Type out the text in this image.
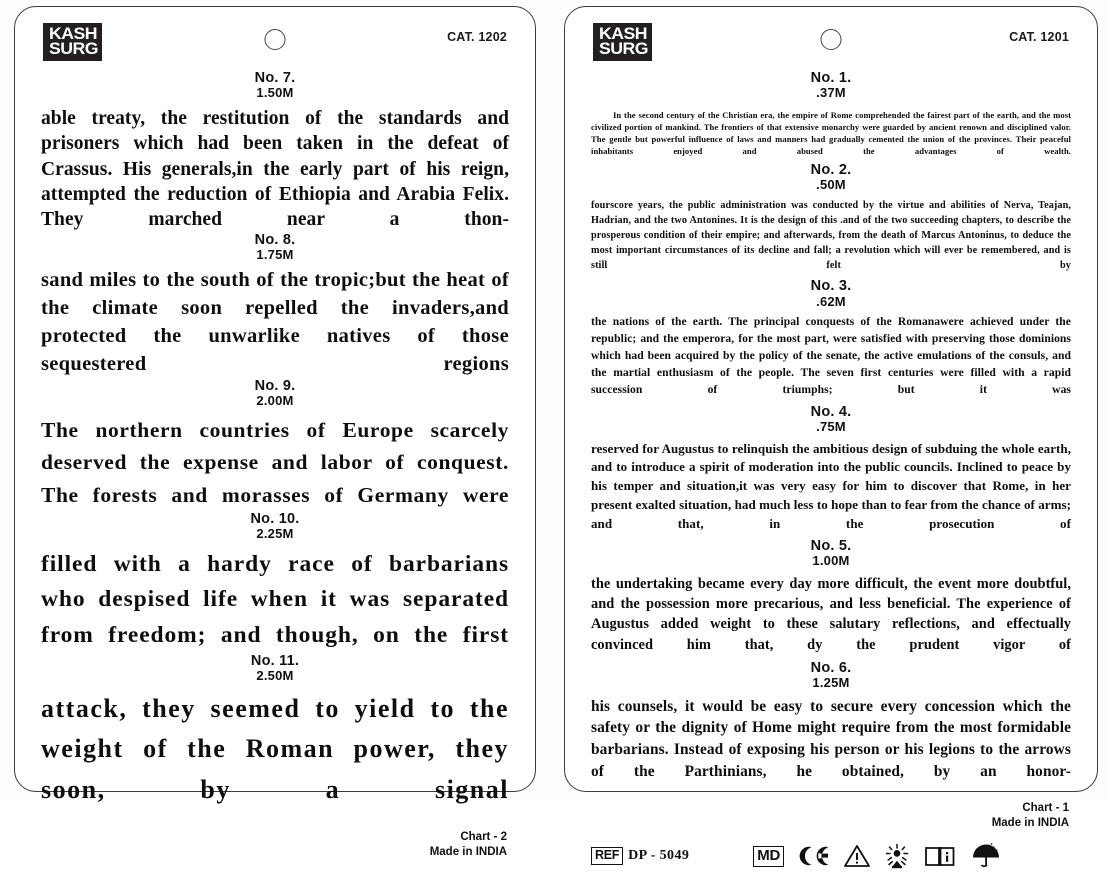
KASH
SURG
CAT. 1202
No. 7.
1.50M
able treaty, the restitution of the standards and prisoners which had been taken in the defeat of Crassus. His generals,in the early part of his reign, attempted the reduction of Ethiopia and Arabia Felix. They marched near a thon-
No. 8.
1.75M
sand miles to the south of the tropic;but the heat of the climate soon repelled the invaders,and protected the unwarlike natives of those sequestered regions
No. 9.
2.00M
The northern countries of Europe scarcely deserved the expense and labor of conquest. The forests and morasses of Germany were
No. 10.
2.25M
filled with a hardy race of barbarians who despised life when it was separated from freedom; and though, on the first
No. 11.
2.50M
attack, they seemed to yield to the weight of the Roman power, they soon, by a signal
Chart - 2
Made in INDIA
KASH
SURG
CAT. 1201
No. 1.
.37M
In the second century of the Christian era, the empire of Rome comprehended the fairest part of the earth, and the most civilized portion of mankind. The frontiers of that extensive monarchy were guarded by ancient renown and disciplined valor. The gentle but powerful influence of laws and manners had gradually cemented the union of the provinces. Their peaceful inhabitants enjoyed and abused the advantages of wealth.
No. 2.
.50M
fourscore years, the public administration was conducted by the virtue and abilities of Nerva, Teajan, Hadrian, and the two Antonines. It is the design of this .and of the two succeeding chapters, to describe the prosperous condition of their empire; and afterwards, from the death of Marcus Antoninus, to deduce the most important circumstances of its decline and fall; a revolution which will ever be remembered, and is still felt by
No. 3.
.62M
the nations of the earth. The principal conquests of the Romanawere achieved under the republic; and the emperora, for the most part, were satisfied with preserving those dominions which had been acquired by the policy of the senate, the active emulations of the consuls, and the martial enthusiasm of the people. The seven first centuries were filled with a rapid succession of triumphs; but it was
No. 4.
.75M
reserved for Augustus to relinquish the ambitious design of subduing the whole earth, and to introduce a spirit of moderation into the public councils. Inclined to peace by his temper and situation,it was very easy for him to discover that Rome, in her present exalted situation, had much less to hope than to fear from the chance of arms; and that, in the prosecution of
No. 5.
1.00M
the undertaking became every day more difficult, the event more doubtful, and the possession more precarious, and less beneficial. The experience of Augustus added weight to these salutary reflections, and effectually convinced him that, dy the prudent vigor of
No. 6.
1.25M
his counsels, it would be easy to secure every concession which the safety or the dignity of Home might require from the most formidable barbarians. Instead of exposing his person or his legions to the arrows of the Parthinians, he obtained, by an honor-
Chart - 1
Made in INDIA
REF DP - 5049	MD
